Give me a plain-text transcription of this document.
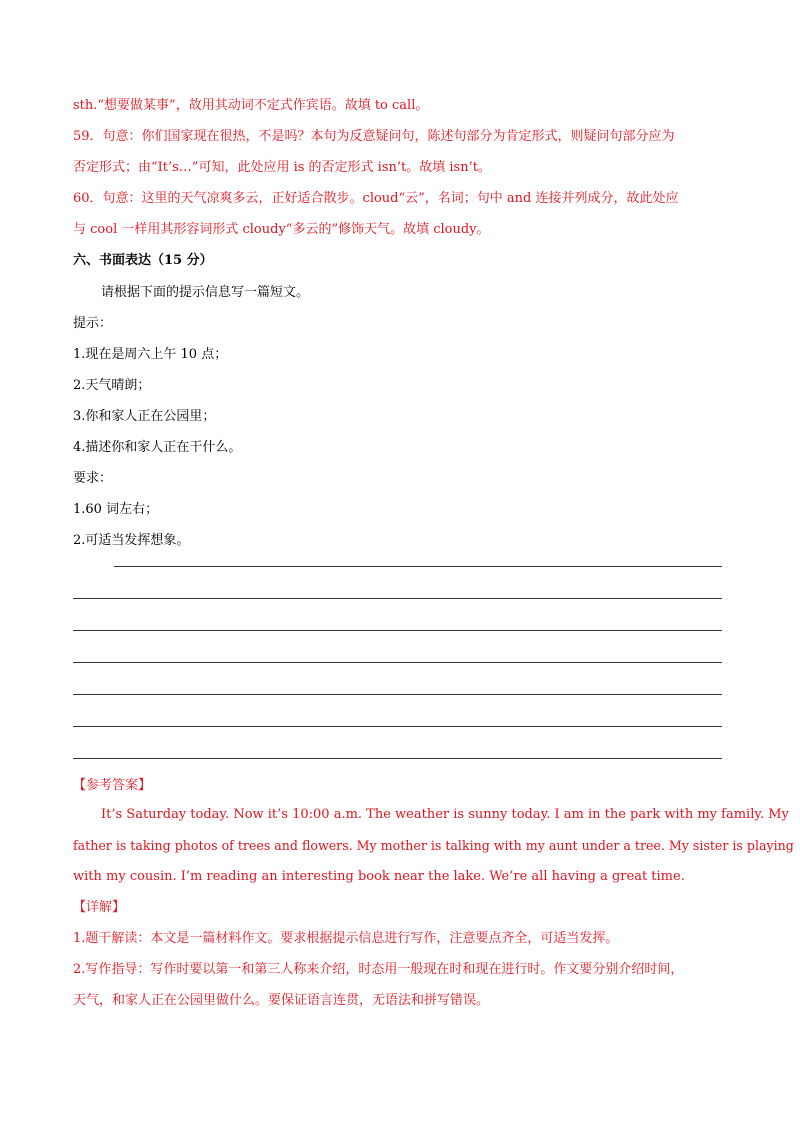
sth.“想要做某事”，故用其动词不定式作宾语。故填 to call。
59．句意：你们国家现在很热，不是吗？本句为反意疑问句，陈述句部分为肯定形式，则疑问句部分应为
否定形式；由“It’s…”可知，此处应用 is 的否定形式 isn’t。故填 isn’t。
60．句意：这里的天气凉爽多云，正好适合散步。cloud“云”，名词；句中 and 连接并列成分，故此处应
与 cool 一样用其形容词形式 cloudy“多云的”修饰天气。故填 cloudy。
六、书面表达（15 分）
请根据下面的提示信息写一篇短文。
提示：
1.现在是周六上午 10 点；
2.天气晴朗；
3.你和家人正在公园里；
4.描述你和家人正在干什么。
要求：
1.60 词左右；
2.可适当发挥想象。
【参考答案】
It’s Saturday today. Now it’s 10:00 a.m. The weather is sunny today. I am in the park with my family. My
father is taking photos of trees and flowers. My mother is talking with my aunt under a tree. My sister is playing
with my cousin. I’m reading an interesting book near the lake. We’re all having a great time.
【详解】
1.题干解读：本文是一篇材料作文。要求根据提示信息进行写作，注意要点齐全，可适当发挥。
2.写作指导：写作时要以第一和第三人称来介绍，时态用一般现在时和现在进行时。作文要分别介绍时间，
天气，和家人正在公园里做什么。要保证语言连贯，无语法和拼写错误。
